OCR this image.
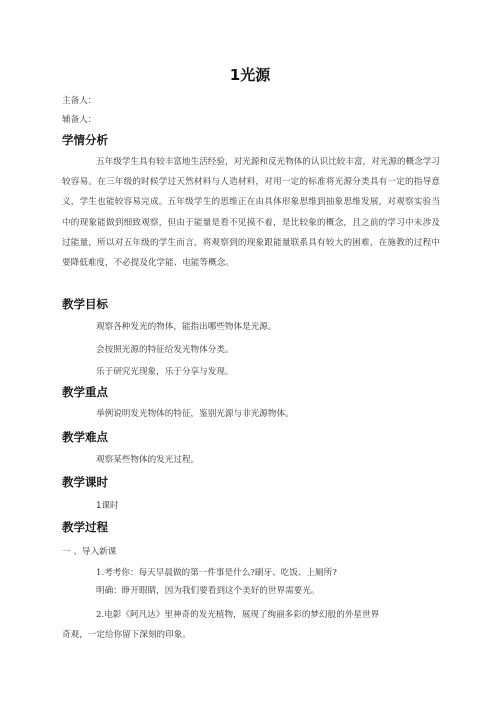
1光源
主备人：
辅备人：
学情分析
五年级学生具有较丰富地生活经验，对光源和反光物体的认识比较丰富，对光源的概念学习较容易。在三年级的时候学过天然材料与人造材料，对用一定的标准将光源分类具有一定的指导意义，学生也能较容易完成。五年级学生的思维正在由具体形象思维到抽象思维发展，对观察实验当中的现象能做到细致观察，但由于能量是看不见摸不着，是比较象的概念，且之前的学习中未涉及过能量，所以对五年级的学生而言，将观察到的现象跟能量联系具有较大的困难，在施教的过程中要降低难度，不必提及化学能、电能等概念。
教学目标
观察各种发光的物体，能指出哪些物体是光源。
会按照光源的特征给发光物体分类。
乐于研究光现象，乐于分享与发现。
教学重点
举例说明发光物体的特征，鉴别光源与非光源物体。
教学难点
观察某些物体的发光过程。
教学课时
1课时
教学过程
一 、导入新课
1.考考你：每天早晨做的第一件事是什么?刷牙、吃饭、上厕所?
明确：睁开眼睛，因为我们要看到这个美好的世界需要光。
2.电影《阿凡达》里神奇的发光植物，展现了绚丽多彩的梦幻般的外星世界
奇观，一定给你留下深刻的印象。
